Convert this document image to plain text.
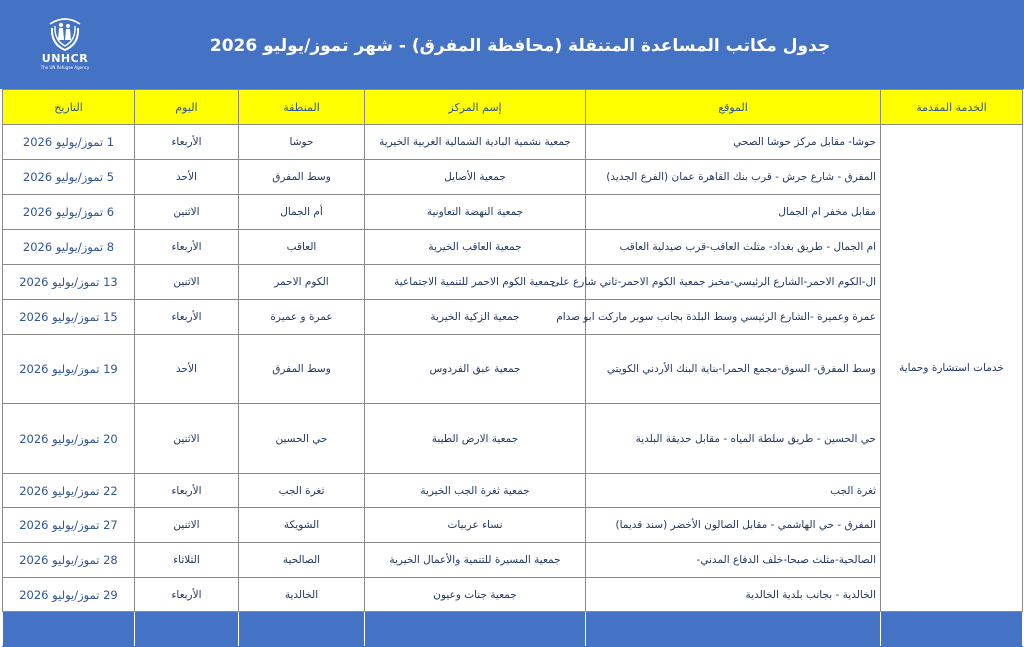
UNHCR
The UN Refugee Agency
جدول مكاتب المساعدة المتنقلة (محافظة المفرق) - شهر تموز/يوليو 2026
الخدمة المقدمة	الموقع	إسم المركز	المنطقة	اليوم	التاريخ
خدمات استشارة وحماية	حوشا- مقابل مركز حوشا الصحي	جمعية نشمية البادية الشمالية الغربية الخيرية	حوشا	الأربعاء	1 تموز/يوليو 2026
	المفرق - شارع جرش - قرب بنك القاهرة عمان (الفرع الجديد)	جمعية الأصايل	وسط المفرق	الأحد	5 تموز/يوليو 2026
	مقابل مخفر ام الجمال	جمعية النهضة التعاونية	أم الجمال	الاثنين	6 تموز/يوليو 2026
	ام الجمال - طريق بغداد- مثلث العاقب-قرب صيدلية العاقب	جمعية العاقب الخيرية	العاقب	الأربعاء	8 تموز/يوليو 2026
	ال-الكوم الاحمر-الشارع الرئيسي-مخبز جمعية الكوم الاحمر-ثاني شارع على	جمعية الكوم الاحمر للتنمية الاجتماعية	الكوم الاحمر	الاثنين	13 تموز/يوليو 2026
	عمرة وعميرة -الشارع الرئيسي وسط البلدة بجانب سوبر ماركت ابو صدام	جمعية الزكية الخيرية	عمرة و عميرة	الأربعاء	15 تموز/يوليو 2026
	وسط المفرق- السوق-مجمع الحمرا-بناية البنك الأردني الكويتي	جمعية عبق الفردوس	وسط المفرق	الأحد	19 تموز/يوليو 2026
	حي الحسين - طريق سلطة المياه - مقابل حديقة البلدية	جمعية الارض الطيبة	حي الحسين	الاثنين	20 تموز/يوليو 2026
	ثغرة الجب	جمعية ثغرة الجب الخيرية	ثغرة الجب	الأربعاء	22 تموز/يوليو 2026
	المفرق - حي الهاشمي - مقابل الصالون الأخضر (سند قديما)	نساء عربيات	الشويكة	الاثنين	27 تموز/يوليو 2026
	الصالحية-مثلث صبحا-خلف الدفاع المدني-	جمعية المسيرة للتنمية والأعمال الخيرية	الصالحية	الثلاثاء	28 تموز/يوليو 2026
	الخالدية - بجانب بلدية الخالدية	جمعية جنات وعيون	الخالدية	الأربعاء	29 تموز/يوليو 2026
